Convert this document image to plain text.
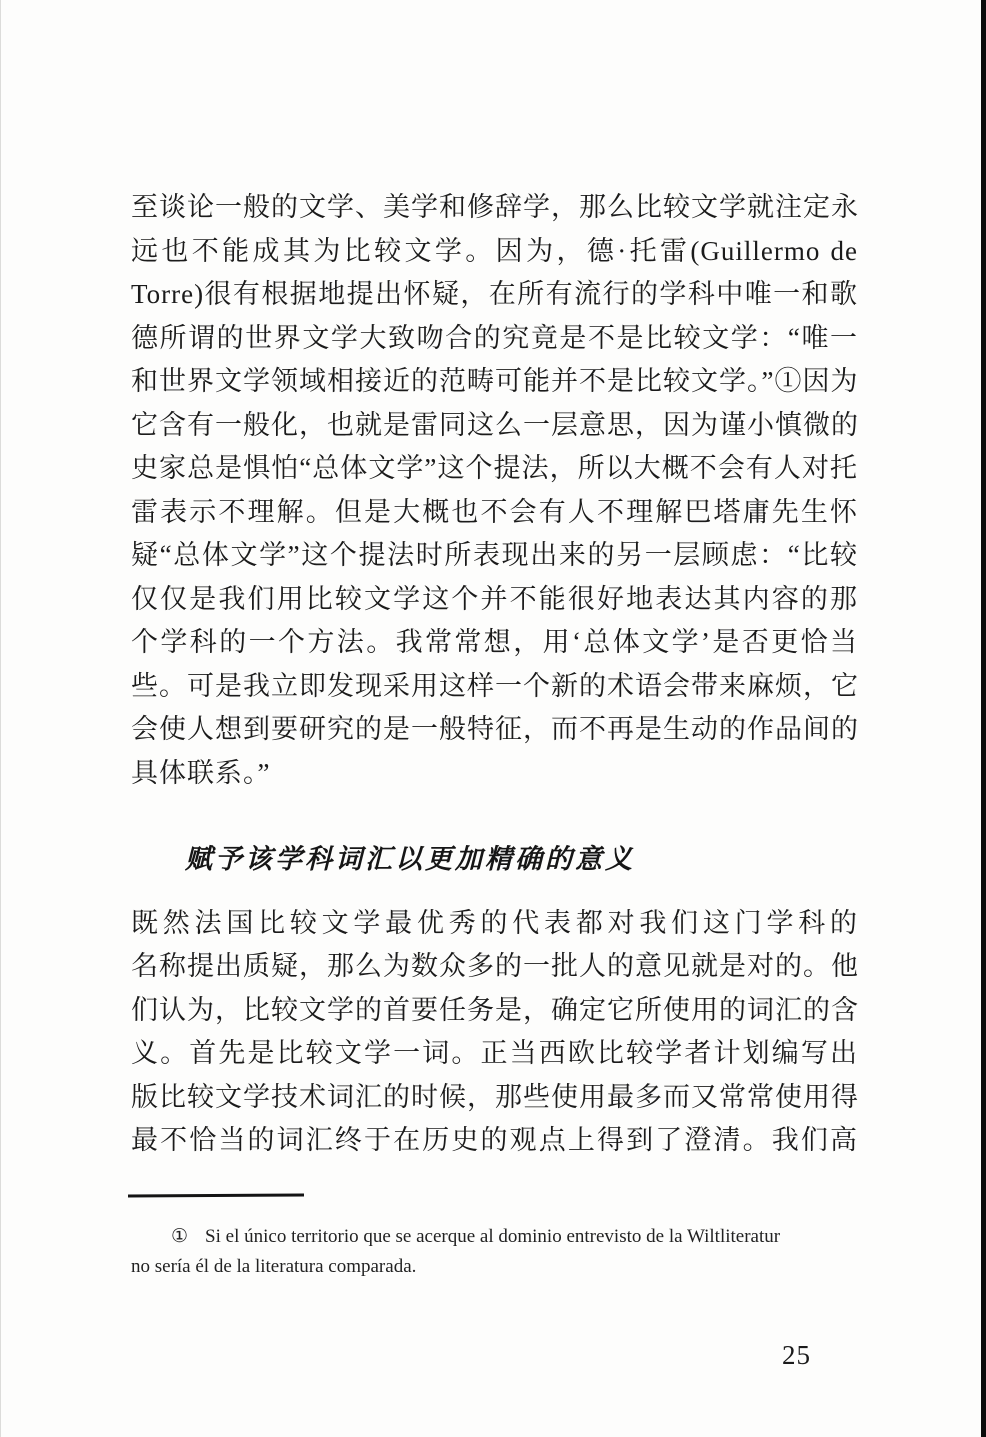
至谈论一般的文学、美学和修辞学，那么比较文学就注定永
远也不能成其为比较文学。因为，德·托雷(Guillermo de
Torre)很有根据地提出怀疑，在所有流行的学科中唯一和歌
德所谓的世界文学大致吻合的究竟是不是比较文学：“唯一
和世界文学领域相接近的范畴可能并不是比较文学。”①因为
它含有一般化，也就是雷同这么一层意思，因为谨小慎微的
史家总是惧怕“总体文学”这个提法，所以大概不会有人对托
雷表示不理解。但是大概也不会有人不理解巴塔庸先生怀
疑“总体文学”这个提法时所表现出来的另一层顾虑：“比较
仅仅是我们用比较文学这个并不能很好地表达其内容的那
个学科的一个方法。我常常想，用‘总体文学’是否更恰当
些。可是我立即发现采用这样一个新的术语会带来麻烦，它
会使人想到要研究的是一般特征，而不再是生动的作品间的
具体联系。”
赋予该学科词汇以更加精确的意义
既然法国比较文学最优秀的代表都对我们这门学科的
名称提出质疑，那么为数众多的一批人的意见就是对的。他
们认为，比较文学的首要任务是，确定它所使用的词汇的含
义。首先是比较文学一词。正当西欧比较学者计划编写出
版比较文学技术词汇的时候，那些使用最多而又常常使用得
最不恰当的词汇终于在历史的观点上得到了澄清。我们高
① Si el único territorio que se acerque al dominio entrevisto de la Wiltliteratur
no sería él de la literatura comparada.
25
